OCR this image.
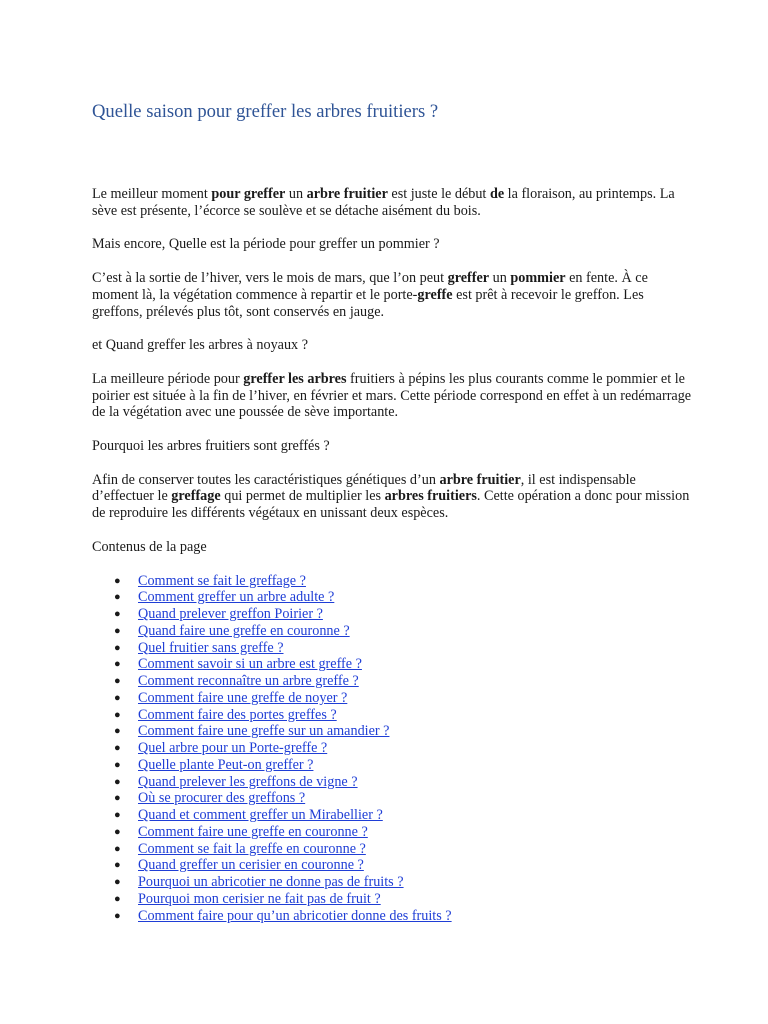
Quelle saison pour greffer les arbres fruitiers ?

Le meilleur moment pour greffer un arbre fruitier est juste le début de la floraison, au printemps. La sève est présente, l’écorce se soulève et se détache aisément du bois.

Mais encore, Quelle est la période pour greffer un pommier ?

C’est à la sortie de l’hiver, vers le mois de mars, que l’on peut greffer un pommier en fente. À ce moment là, la végétation commence à repartir et le porte-greffe est prêt à recevoir le greffon. Les greffons, prélevés plus tôt, sont conservés en jauge.

et Quand greffer les arbres à noyaux ?

La meilleure période pour greffer les arbres fruitiers à pépins les plus courants comme le pommier et le poirier est située à la fin de l’hiver, en février et mars. Cette période correspond en effet à un redémarrage de la végétation avec une poussée de sève importante.

Pourquoi les arbres fruitiers sont greffés ?

Afin de conserver toutes les caractéristiques génétiques d’un arbre fruitier, il est indispensable d’effectuer le greffage qui permet de multiplier les arbres fruitiers. Cette opération a donc pour mission de reproduire les différents végétaux en unissant deux espèces.

Contenus de la page

● Comment se fait le greffage ?
● Comment greffer un arbre adulte ?
● Quand prelever greffon Poirier ?
● Quand faire une greffe en couronne ?
● Quel fruitier sans greffe ?
● Comment savoir si un arbre est greffe ?
● Comment reconnaître un arbre greffe ?
● Comment faire une greffe de noyer ?
● Comment faire des portes greffes ?
● Comment faire une greffe sur un amandier ?
● Quel arbre pour un Porte-greffe ?
● Quelle plante Peut-on greffer ?
● Quand prelever les greffons de vigne ?
● Où se procurer des greffons ?
● Quand et comment greffer un Mirabellier ?
● Comment faire une greffe en couronne ?
● Comment se fait la greffe en couronne ?
● Quand greffer un cerisier en couronne ?
● Pourquoi un abricotier ne donne pas de fruits ?
● Pourquoi mon cerisier ne fait pas de fruit ?
● Comment faire pour qu’un abricotier donne des fruits ?
